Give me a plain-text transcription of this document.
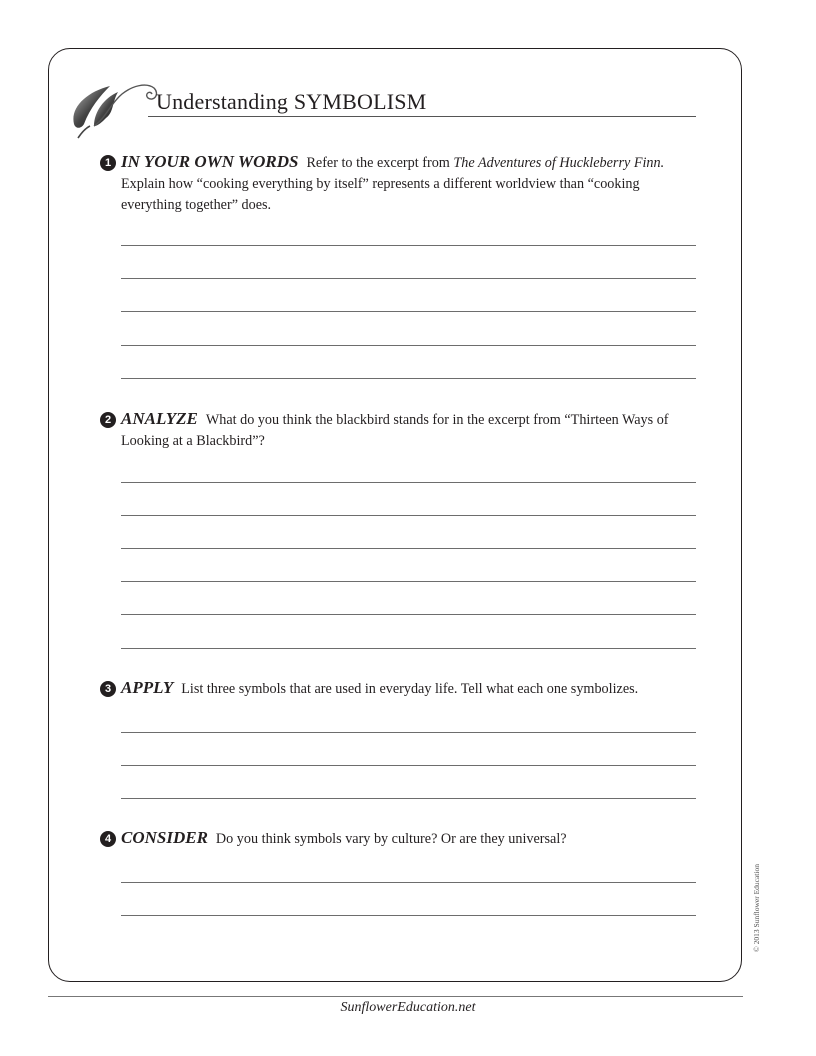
Understanding SYMBOLISM
1 IN YOUR OWN WORDS Refer to the excerpt from The Adventures of Huckleberry Finn.
Explain how “cooking everything by itself” represents a different worldview than “cooking everything together” does.
2 ANALYZE What do you think the blackbird stands for in the excerpt from “Thirteen Ways of
Looking at a Blackbird”?
3 APPLY List three symbols that are used in everyday life. Tell what each one symbolizes.
4 CONSIDER Do you think symbols vary by culture? Or are they universal?
© 2013 Sunflower Education
SunflowerEducation.net
